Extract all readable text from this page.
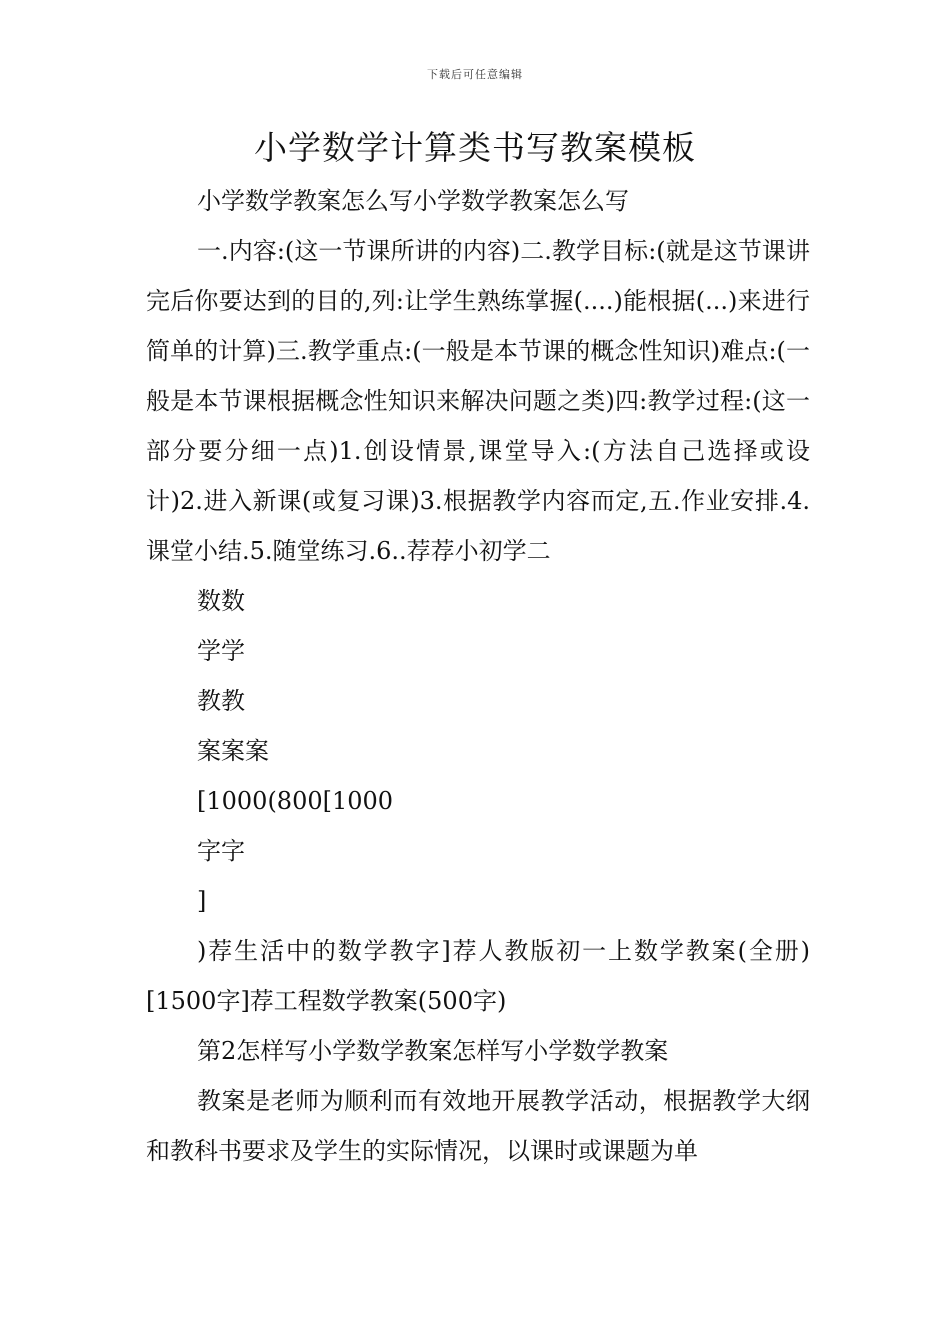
下载后可任意编辑
小学数学计算类书写教案模板

小学数学教案怎么写小学数学教案怎么写

一.内容:(这一节课所讲的内容)二.教学目标:(就是这节课讲完后你要达到的目的,列:让学生熟练掌握(....)能根据(...)来进行简单的计算)三.教学重点:(一般是本节课的概念性知识)难点:(一般是本节课根据概念性知识来解决问题之类)四:教学过程:(这一部分要分细一点)1.创设情景,课堂导入:(方法自己选择或设计)2.进入新课(或复习课)3.根据教学内容而定,五.作业安排.4.课堂小结.5.随堂练习.6..荐荐小初学二

数数

学学

教教

案案案

[1000(800[1000

字字

]

)荐生活中的数学教字]荐人教版初一上数学教案(全册)[1500字]荐工程数学教案(500字)

第2怎样写小学数学教案怎样写小学数学教案

教案是老师为顺利而有效地开展教学活动，根据教学大纲和教科书要求及学生的实际情况，以课时或课题为单
